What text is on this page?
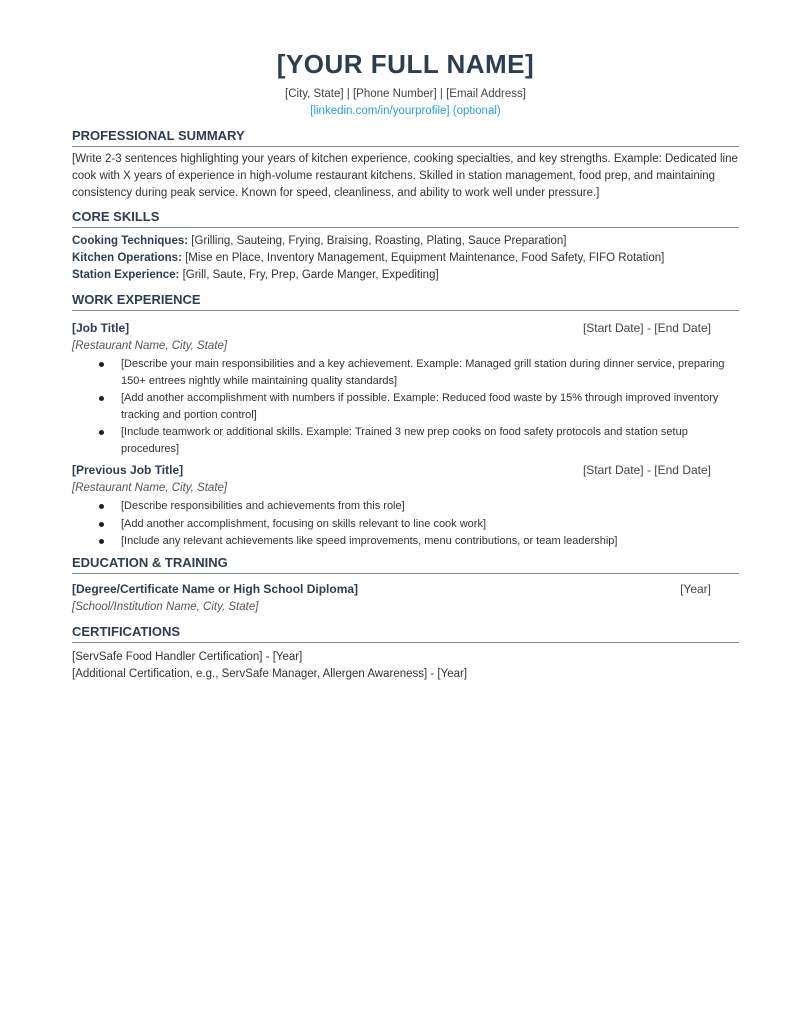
[YOUR FULL NAME]
[City, State] | [Phone Number] | [Email Address]
[linkedin.com/in/yourprofile] (optional)
PROFESSIONAL SUMMARY
[Write 2-3 sentences highlighting your years of kitchen experience, cooking specialties, and key strengths. Example: Dedicated line cook with X years of experience in high-volume restaurant kitchens. Skilled in station management, food prep, and maintaining consistency during peak service. Known for speed, cleanliness, and ability to work well under pressure.]
CORE SKILLS
Cooking Techniques: [Grilling, Sauteing, Frying, Braising, Roasting, Plating, Sauce Preparation]
Kitchen Operations: [Mise en Place, Inventory Management, Equipment Maintenance, Food Safety, FIFO Rotation]
Station Experience: [Grill, Saute, Fry, Prep, Garde Manger, Expediting]
WORK EXPERIENCE
[Job Title]	[Start Date] - [End Date]
[Restaurant Name, City, State]
[Describe your main responsibilities and a key achievement. Example: Managed grill station during dinner service, preparing 150+ entrees nightly while maintaining quality standards]
[Add another accomplishment with numbers if possible. Example: Reduced food waste by 15% through improved inventory tracking and portion control]
[Include teamwork or additional skills. Example: Trained 3 new prep cooks on food safety protocols and station setup procedures]
[Previous Job Title]	[Start Date] - [End Date]
[Restaurant Name, City, State]
[Describe responsibilities and achievements from this role]
[Add another accomplishment, focusing on skills relevant to line cook work]
[Include any relevant achievements like speed improvements, menu contributions, or team leadership]
EDUCATION & TRAINING
[Degree/Certificate Name or High School Diploma]	[Year]
[School/Institution Name, City, State]
CERTIFICATIONS
[ServSafe Food Handler Certification] - [Year]
[Additional Certification, e.g., ServSafe Manager, Allergen Awareness] - [Year]
